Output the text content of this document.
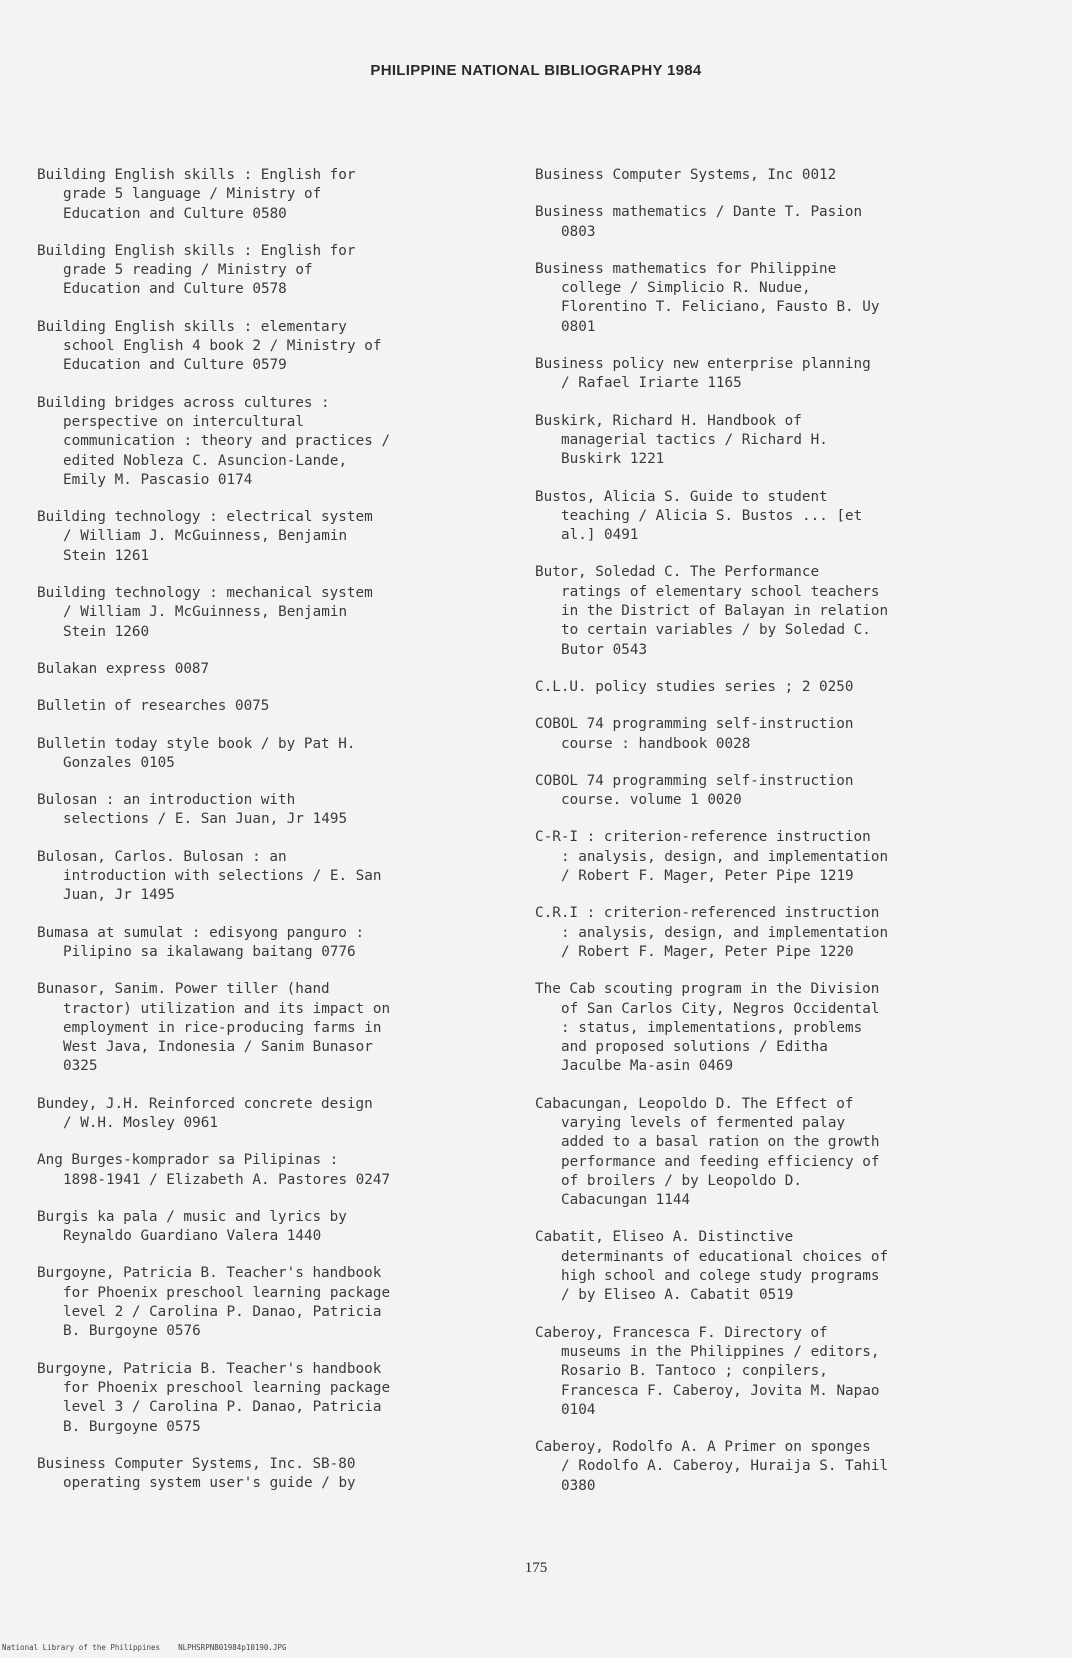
PHILIPPINE NATIONAL BIBLIOGRAPHY 1984
Building English skills : English for
grade 5 language / Ministry of
Education and Culture 0580
Building English skills : English for
grade 5 reading / Ministry of
Education and Culture 0578
Building English skills : elementary
school English 4 book 2 / Ministry of
Education and Culture 0579
Building bridges across cultures :
perspective on intercultural
communication : theory and practices /
edited Nobleza C. Asuncion-Lande,
Emily M. Pascasio 0174
Building technology : electrical system
/ William J. McGuinness, Benjamin
Stein 1261
Building technology : mechanical system
/ William J. McGuinness, Benjamin
Stein 1260
Bulakan express 0087
Bulletin of researches 0075
Bulletin today style book / by Pat H.
Gonzales 0105
Bulosan : an introduction with
selections / E. San Juan, Jr 1495
Bulosan, Carlos. Bulosan : an
introduction with selections / E. San
Juan, Jr 1495
Bumasa at sumulat : edisyong panguro :
Pilipino sa ikalawang baitang 0776
Bunasor, Sanim. Power tiller (hand
tractor) utilization and its impact on
employment in rice-producing farms in
West Java, Indonesia / Sanim Bunasor
0325
Bundey, J.H. Reinforced concrete design
/ W.H. Mosley 0961
Ang Burges-komprador sa Pilipinas :
1898-1941 / Elizabeth A. Pastores 0247
Burgis ka pala / music and lyrics by
Reynaldo Guardiano Valera 1440
Burgoyne, Patricia B. Teacher's handbook
for Phoenix preschool learning package
level 2 / Carolina P. Danao, Patricia
B. Burgoyne 0576
Burgoyne, Patricia B. Teacher's handbook
for Phoenix preschool learning package
level 3 / Carolina P. Danao, Patricia
B. Burgoyne 0575
Business Computer Systems, Inc. SB-80
operating system user's guide / by
Business Computer Systems, Inc 0012
Business mathematics / Dante T. Pasion
0803
Business mathematics for Philippine
college / Simplicio R. Nudue,
Florentino T. Feliciano, Fausto B. Uy
0801
Business policy new enterprise planning
/ Rafael Iriarte 1165
Buskirk, Richard H. Handbook of
managerial tactics / Richard H.
Buskirk 1221
Bustos, Alicia S. Guide to student
teaching / Alicia S. Bustos ... [et
al.] 0491
Butor, Soledad C. The Performance
ratings of elementary school teachers
in the District of Balayan in relation
to certain variables / by Soledad C.
Butor 0543
C.L.U. policy studies series ; 2 0250
COBOL 74 programming self-instruction
course : handbook 0028
COBOL 74 programming self-instruction
course. volume 1 0020
C-R-I : criterion-reference instruction
: analysis, design, and implementation
/ Robert F. Mager, Peter Pipe 1219
C.R.I : criterion-referenced instruction
: analysis, design, and implementation
/ Robert F. Mager, Peter Pipe 1220
The Cab scouting program in the Division
of San Carlos City, Negros Occidental
: status, implementations, problems
and proposed solutions / Editha
Jaculbe Ma-asin 0469
Cabacungan, Leopoldo D. The Effect of
varying levels of fermented palay
added to a basal ration on the growth
performance and feeding efficiency of
of broilers / by Leopoldo D.
Cabacungan 1144
Cabatit, Eliseo A. Distinctive
determinants of educational choices of
high school and colege study programs
/ by Eliseo A. Cabatit 0519
Caberoy, Francesca F. Directory of
museums in the Philippines / editors,
Rosario B. Tantoco ; conpilers,
Francesca F. Caberoy, Jovita M. Napao
0104
Caberoy, Rodolfo A. A Primer on sponges
/ Rodolfo A. Caberoy, Huraija S. Tahil
0380
175
National Library of the Philippines    NLPHSRPNB01984p10190.JPG
